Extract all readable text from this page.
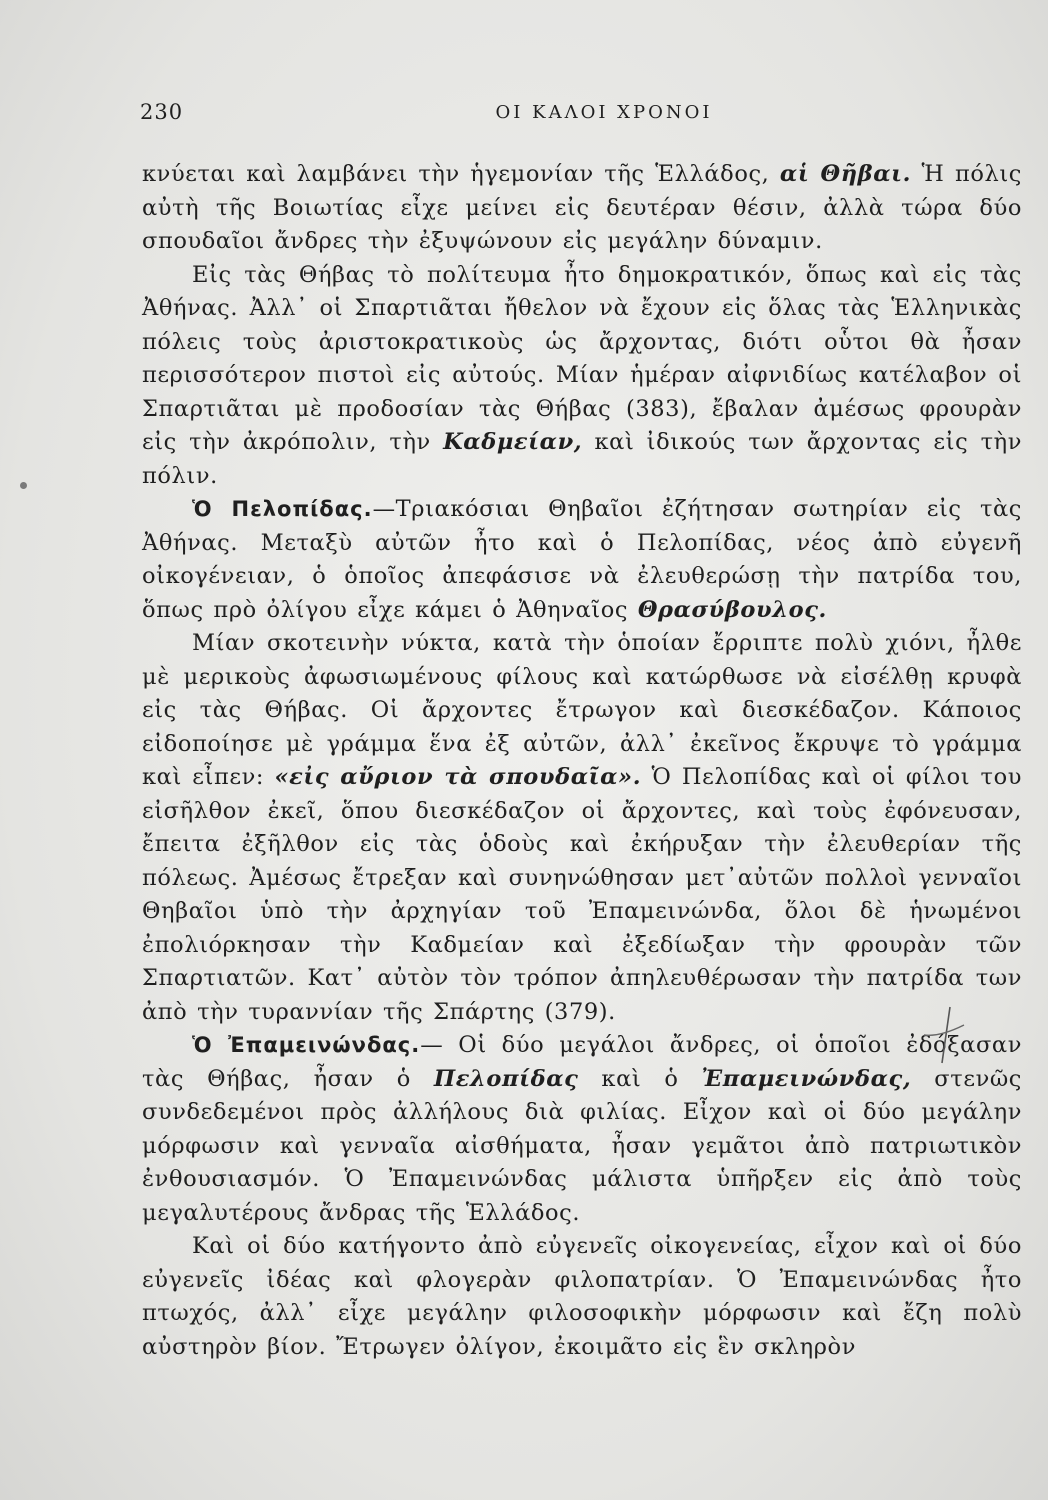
230	ΟΙ ΚΑΛΟΙ ΧΡΟΝΟΙ

κνύεται καὶ λαμβάνει τὴν ἡγεμονίαν τῆς Ἑλλάδος, αἱ Θῆβαι. Ἡ πόλις αὐτὴ τῆς Βοιωτίας εἶχε μείνει εἰς δευτέραν θέσιν, ἀλλὰ τώρα δύο σπουδαῖοι ἄνδρες τὴν ἐξυψώνουν εἰς μεγάλην δύναμιν.

Εἰς τὰς Θήβας τὸ πολίτευμα ἦτο δημοκρατικόν, ὅπως καὶ εἰς τὰς Ἀθήνας. Ἀλλ᾽ οἱ Σπαρτιᾶται ἤθελον νὰ ἔχουν εἰς ὅλας τὰς Ἑλληνικὰς πόλεις τοὺς ἀριστοκρατικοὺς ὡς ἄρχοντας, διότι οὗτοι θὰ ἦσαν περισσότερον πιστοὶ εἰς αὐτούς. Μίαν ἡμέραν αἰφνιδίως κατέλαβον οἱ Σπαρτιᾶται μὲ προδοσίαν τὰς Θήβας (383), ἔβαλαν ἀμέσως φρουρὰν εἰς τὴν ἀκρόπολιν, τὴν Καδμείαν, καὶ ἰδικούς των ἄρχοντας εἰς τὴν πόλιν.

Ὁ Πελοπίδας.—Τριακόσιαι Θηβαῖοι ἐζήτησαν σωτηρίαν εἰς τὰς Ἀθήνας. Μεταξὺ αὐτῶν ἦτο καὶ ὁ Πελοπίδας, νέος ἀπὸ εὐγενῆ οἰκογένειαν, ὁ ὁποῖος ἀπεφάσισε νὰ ἐλευθερώσῃ τὴν πατρίδα του, ὅπως πρὸ ὀλίγου εἶχε κάμει ὁ Ἀθηναῖος Θρασύβουλος.

Μίαν σκοτεινὴν νύκτα, κατὰ τὴν ὁποίαν ἔρριπτε πολὺ χιόνι, ἦλθε μὲ μερικοὺς ἀφωσιωμένους φίλους καὶ κατώρθωσε νὰ εἰσέλθῃ κρυφὰ εἰς τὰς Θήβας. Οἱ ἄρχοντες ἔτρωγον καὶ διεσκέδαζον. Κάποιος εἰδοποίησε μὲ γράμμα ἕνα ἐξ αὐτῶν, ἀλλ᾽ ἐκεῖνος ἔκρυψε τὸ γράμμα καὶ εἶπεν: «εἰς αὔριον τὰ σπουδαῖα». Ὁ Πελοπίδας καὶ οἱ φίλοι του εἰσῆλθον ἐκεῖ, ὅπου διεσκέδαζον οἱ ἄρχοντες, καὶ τοὺς ἐφόνευσαν, ἔπειτα ἐξῆλθον εἰς τὰς ὁδοὺς καὶ ἐκήρυξαν τὴν ἐλευθερίαν τῆς πόλεως. Ἀμέσως ἔτρεξαν καὶ συνηνώθησαν μετ᾽αὐτῶν πολλοὶ γενναῖοι Θηβαῖοι ὑπὸ τὴν ἀρχηγίαν τοῦ Ἐπαμεινώνδα, ὅλοι δὲ ἡνωμένοι ἐπολιόρκησαν τὴν Καδμείαν καὶ ἐξεδίωξαν τὴν φρουρὰν τῶν Σπαρτιατῶν. Κατ᾽ αὐτὸν τὸν τρόπον ἀπηλευθέρωσαν τὴν πατρίδα των ἀπὸ τὴν τυραννίαν τῆς Σπάρτης (379).

Ὁ Ἐπαμεινώνδας.— Οἱ δύο μεγάλοι ἄνδρες, οἱ ὁποῖοι ἐδόξασαν τὰς Θήβας, ἦσαν ὁ Πελοπίδας καὶ ὁ Ἐπαμεινώνδας, στενῶς συνδεδεμένοι πρὸς ἀλλήλους διὰ φιλίας. Εἶχον καὶ οἱ δύο μεγάλην μόρφωσιν καὶ γενναῖα αἰσθήματα, ἦσαν γεμᾶτοι ἀπὸ πατριωτικὸν ἐνθουσιασμόν. Ὁ Ἐπαμεινώνδας μάλιστα ὑπῆρξεν εἰς ἀπὸ τοὺς μεγαλυτέρους ἄνδρας τῆς Ἑλλάδος.

Καὶ οἱ δύο κατήγοντο ἀπὸ εὐγενεῖς οἰκογενείας, εἶχον καὶ οἱ δύο εὐγενεῖς ἰδέας καὶ φλογερὰν φιλοπατρίαν. Ὁ Ἐπαμεινώνδας ἦτο πτωχός, ἀλλ᾽ εἶχε μεγάλην φιλοσοφικὴν μόρφωσιν καὶ ἔζη πολὺ αὐστηρὸν βίον. Ἔτρωγεν ὀλίγον, ἐκοιμᾶτο εἰς ἓν σκληρὸν
